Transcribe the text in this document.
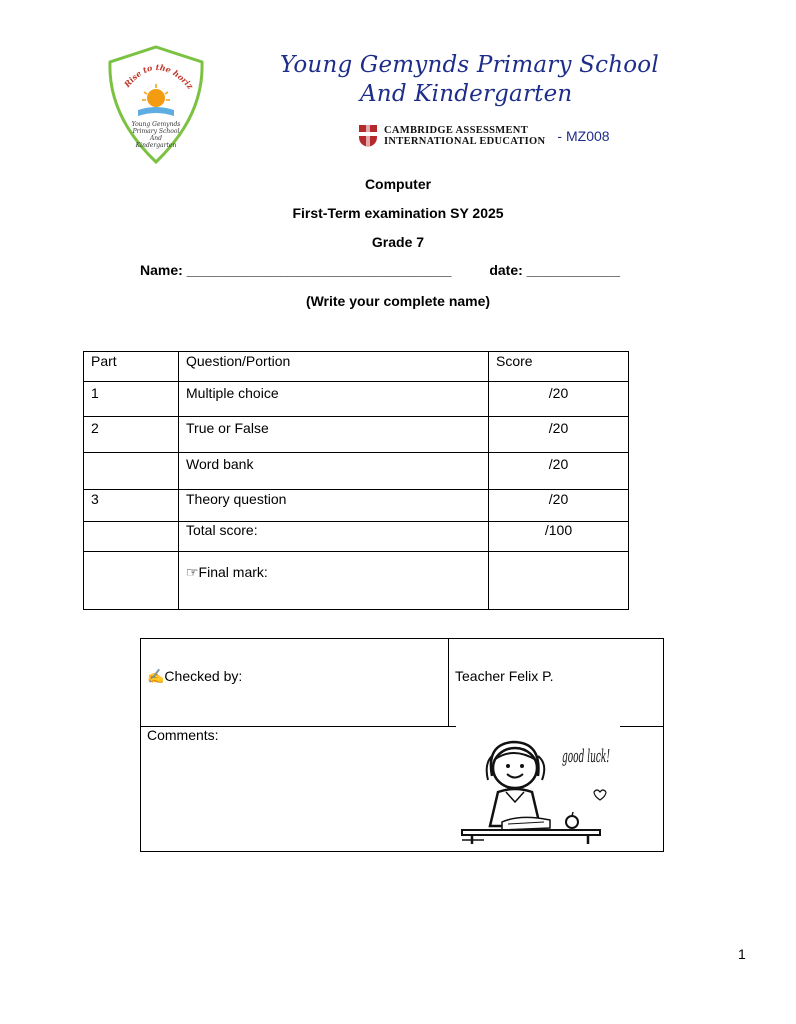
Rise to the horiz
Young Gemynds
Primary School
And
Kindergarten
Young Gemynds Primary School
And Kindergarten
CAMBRIDGE ASSESSMENT
INTERNATIONAL EDUCATION - MZ008
Computer
First-Term examination SY 2025
Grade 7
Name: __________________________________	date: ____________
(Write your complete name)
Part	Question/Portion	Score
1	Multiple choice	/20
2	True or False	/20
	Word bank	/20
3	Theory question	/20
	Total score:	/100
	☞Final mark:	
✍Checked by:	Teacher Felix P.
Comments:
good luck!
1
